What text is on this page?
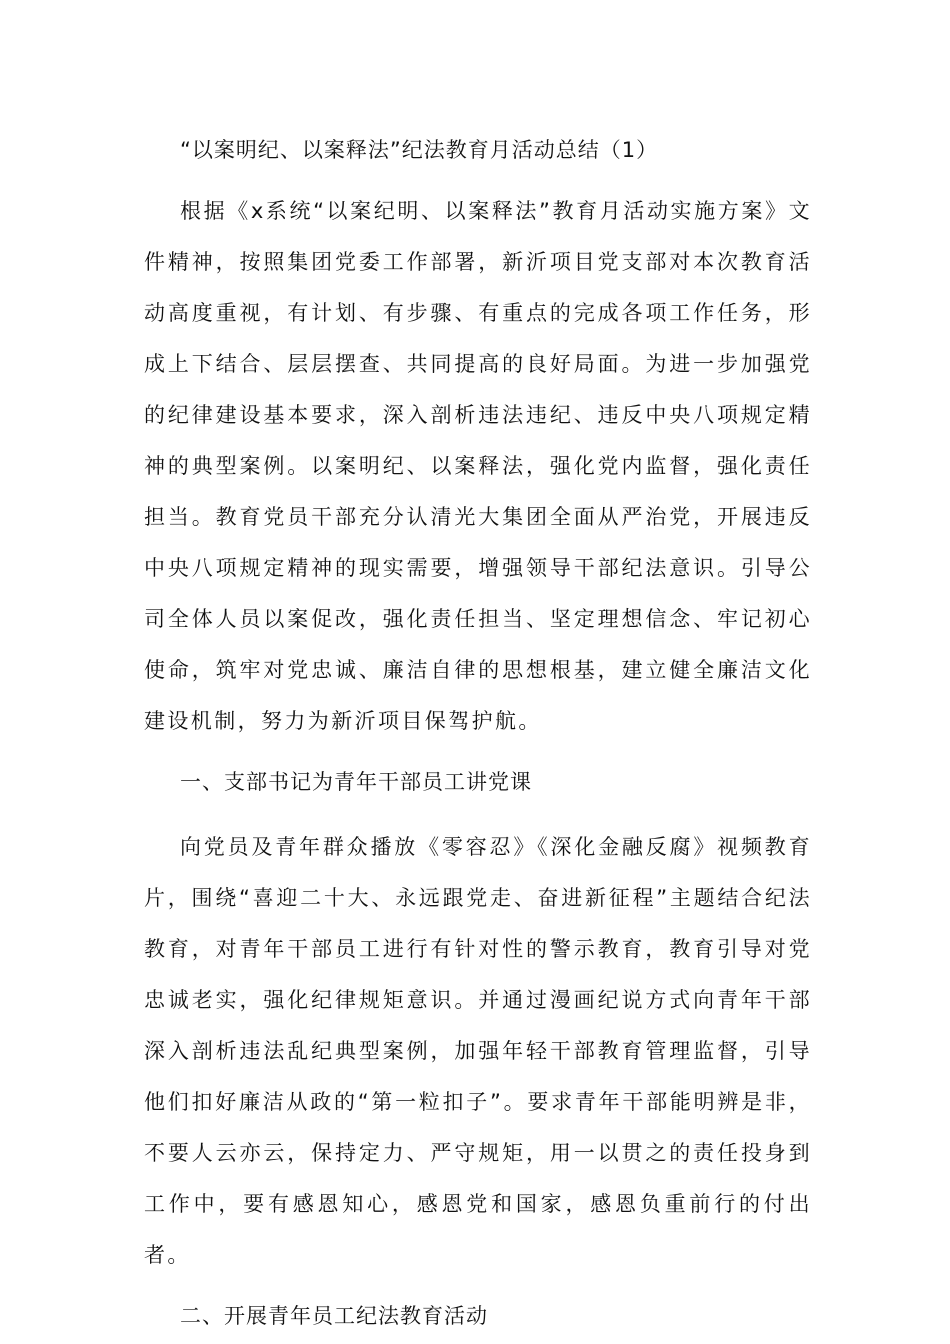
“以案明纪、以案释法”纪法教育月活动总结（1）

根据《x系统“以案纪明、以案释法”教育月活动实施方案》文件精神，按照集团党委工作部署，新沂项目党支部对本次教育活动高度重视，有计划、有步骤、有重点的完成各项工作任务，形成上下结合、层层摆查、共同提高的良好局面。为进一步加强党的纪律建设基本要求，深入剖析违法违纪、违反中央八项规定精神的典型案例。以案明纪、以案释法，强化党内监督，强化责任担当。教育党员干部充分认清光大集团全面从严治党，开展违反中央八项规定精神的现实需要，增强领导干部纪法意识。引导公司全体人员以案促改，强化责任担当、坚定理想信念、牢记初心使命，筑牢对党忠诚、廉洁自律的思想根基，建立健全廉洁文化建设机制，努力为新沂项目保驾护航。

一、支部书记为青年干部员工讲党课

向党员及青年群众播放《零容忍》《深化金融反腐》视频教育片，围绕“喜迎二十大、永远跟党走、奋进新征程”主题结合纪法教育，对青年干部员工进行有针对性的警示教育，教育引导对党忠诚老实，强化纪律规矩意识。并通过漫画纪说方式向青年干部深入剖析违法乱纪典型案例，加强年轻干部教育管理监督，引导他们扣好廉洁从政的“第一粒扣子”。要求青年干部能明辨是非，不要人云亦云，保持定力、严守规矩，用一以贯之的责任投身到工作中，要有感恩知心，感恩党和国家，感恩负重前行的付出者。

二、开展青年员工纪法教育活动
